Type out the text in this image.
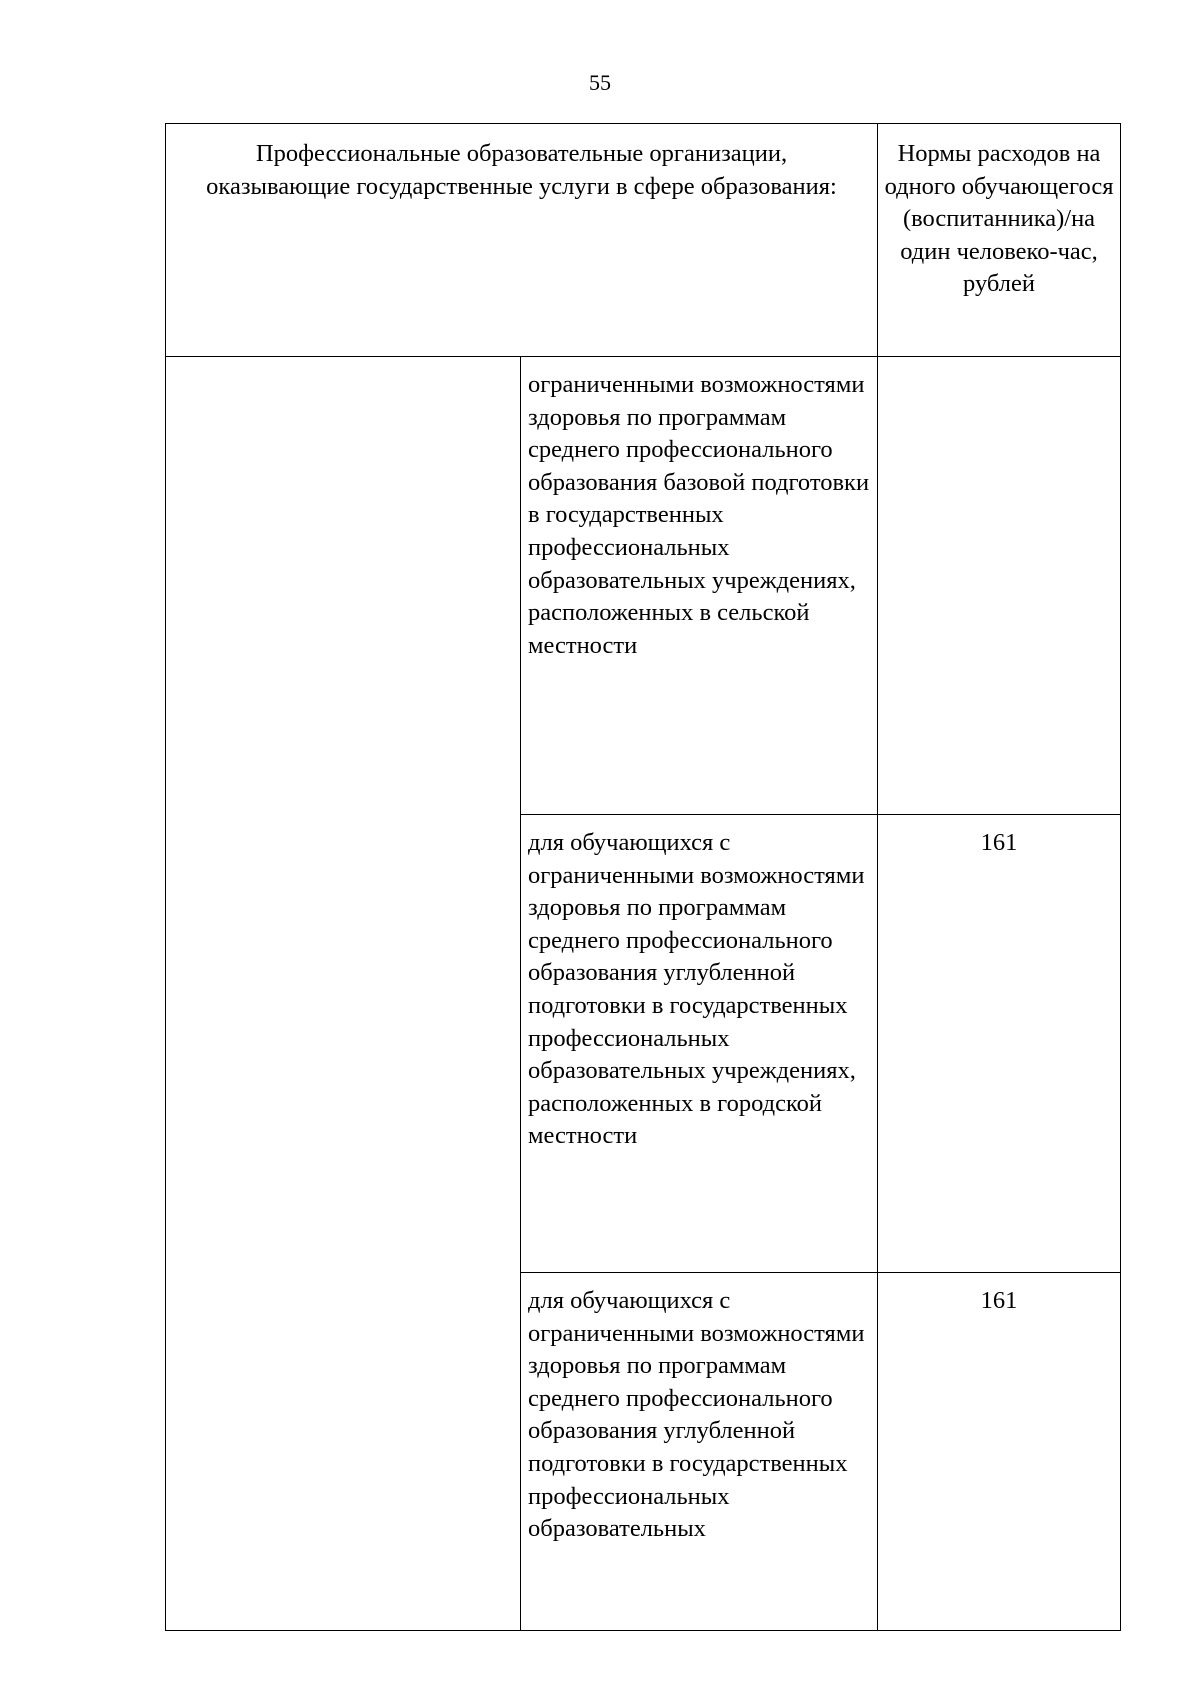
55
Профессиональные образовательные организации, оказывающие государственные услуги в сфере образования:		Нормы расходов на одного обучающегося (воспитанника)/на один человеко-час, рублей
	ограниченными возможностями здоровья по программам среднего профессионального образования базовой подготовки в государственных профессиональных образовательных учреждениях, расположенных в сельской местности	
	для обучающихся с ограниченными возможностями здоровья по программам среднего профессионального образования углубленной подготовки в государственных профессиональных образовательных учреждениях, расположенных в городской местности	161
	для обучающихся с ограниченными возможностями здоровья по программам среднего профессионального образования углубленной подготовки в государственных профессиональных образовательных	161
